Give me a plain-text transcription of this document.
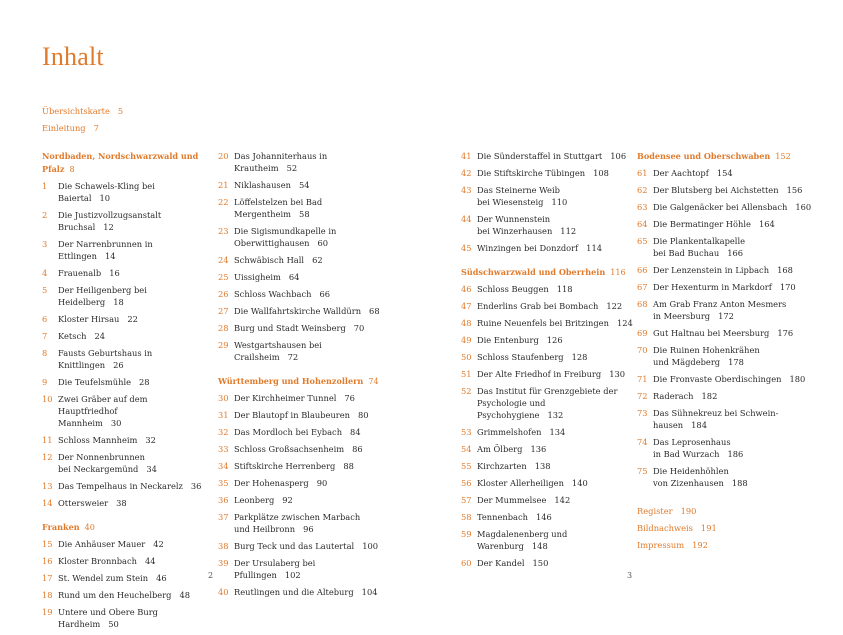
Inhalt
Übersichtskarte 5
Einleitung 7
Nordbaden, Nordschwarzwald und Pfalz 8
1 Die Schawels-Kling bei Baiertal 10
2 Die Justizvollzugsanstalt Bruchsal 12
3 Der Narrenbrunnen in Ettlingen 14
4 Frauenalb 16
5 Der Heiligenberg bei Heidelberg 18
6 Kloster Hirsau 22
7 Ketsch 24
8 Fausts Geburtshaus in Knittlingen 26
9 Die Teufelsmühle 28
10 Zwei Gräber auf dem Hauptfriedhof
Mannheim 30
11 Schloss Mannheim 32
12 Der Nonnenbrunnen
bei Neckargemünd 34
13 Das Tempelhaus in Neckarelz 36
14 Ottersweier 38
Franken 40
15 Die Anhäuser Mauer 42
16 Kloster Bronnbach 44
17 St. Wendel zum Stein 46
18 Rund um den Heuchelberg 48
19 Untere und Obere Burg Hardheim 50
20 Das Johanniterhaus in Krautheim 52
21 Niklashausen 54
22 Löffelstelzen bei Bad Mergentheim 58
23 Die Sigismundkapelle in
Oberwittighausen 60
24 Schwäbisch Hall 62
25 Uissigheim 64
26 Schloss Wachbach 66
27 Die Wallfahrtskirche Walldürn 68
28 Burg und Stadt Weinsberg 70
29 Westgartshausen bei Crailsheim 72
Württemberg und Hohenzollern 74
30 Der Kirchheimer Tunnel 76
31 Der Blautopf in Blaubeuren 80
32 Das Mordloch bei Eybach 84
33 Schloss Großsachsenheim 86
34 Stiftskirche Herrenberg 88
35 Der Hohenasperg 90
36 Leonberg 92
37 Parkplätze zwischen Marbach
und Heilbronn 96
38 Burg Teck und das Lautertal 100
39 Der Ursulaberg bei Pfullingen 102
40 Reutlingen und die Alteburg 104
41 Die Sünderstaffel in Stuttgart 106
42 Die Stiftskirche Tübingen 108
43 Das Steinerne Weib
bei Wiesensteig 110
44 Der Wunnenstein
bei Winzerhausen 112
45 Winzingen bei Donzdorf 114
Südschwarzwald und Oberrhein 116
46 Schloss Beuggen 118
47 Enderlins Grab bei Bombach 122
48 Ruine Neuenfels bei Britzingen 124
49 Die Entenburg 126
50 Schloss Staufenberg 128
51 Der Alte Friedhof in Freiburg 130
52 Das Institut für Grenzgebiete der
Psychologie und Psychohygiene 132
53 Grimmelshofen 134
54 Am Ölberg 136
55 Kirchzarten 138
56 Kloster Allerheiligen 140
57 Der Mummelsee 142
58 Tennenbach 146
59 Magdalenenberg und Warenburg 148
60 Der Kandel 150
Bodensee und Oberschwaben 152
61 Der Aachtopf 154
62 Der Blutsberg bei Aichstetten 156
63 Die Galgenäcker bei Allensbach 160
64 Die Bermatinger Höhle 164
65 Die Plankentalkapelle
bei Bad Buchau 166
66 Der Lenzenstein in Lipbach 168
67 Der Hexenturm in Markdorf 170
68 Am Grab Franz Anton Mesmers
in Meersburg 172
69 Gut Haltnau bei Meersburg 176
70 Die Ruinen Hohenkrähen
und Mägdeberg 178
71 Die Fronvaste Oberdischingen 180
72 Raderach 182
73 Das Sühnekreuz bei Schwein-
hausen 184
74 Das Leprosenhaus
in Bad Wurzach 186
75 Die Heidenhöhlen
von Zizenhausen 188
Register 190
Bildnachweis 191
Impressum 192
2	3
